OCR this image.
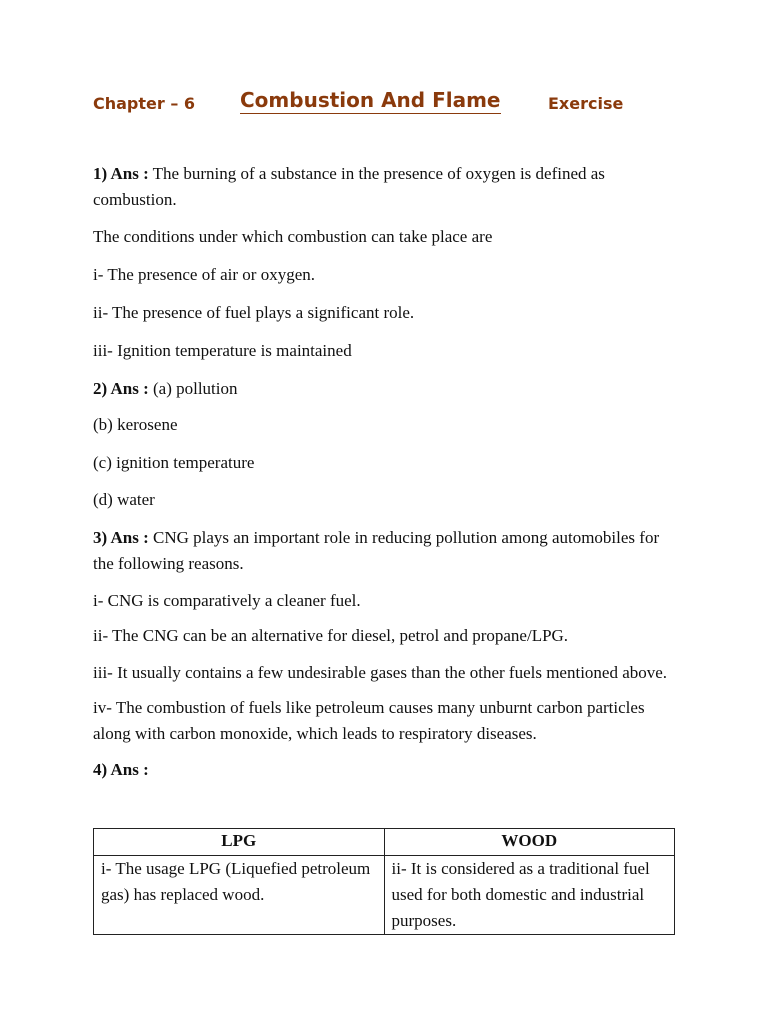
Chapter – 6 Combustion And Flame	Exercise

1) Ans : The burning of a substance in the presence of oxygen is defined as combustion.

The conditions under which combustion can take place are

i- The presence of air or oxygen.

ii- The presence of fuel plays a significant role.

iii- Ignition temperature is maintained

2) Ans : (a) pollution

(b) kerosene

(c) ignition temperature

(d) water

3) Ans : CNG plays an important role in reducing pollution among automobiles for the following reasons.

i- CNG is comparatively a cleaner fuel.

ii- The CNG can be an alternative for diesel, petrol and propane/LPG.

iii- It usually contains a few undesirable gases than the other fuels mentioned above.

iv- The combustion of fuels like petroleum causes many unburnt carbon particles along with carbon monoxide, which leads to respiratory diseases.

4) Ans :

LPG	WOOD
i- The usage LPG (Liquefied petroleum gas) has replaced wood.	ii- It is considered as a traditional fuel used for both domestic and industrial purposes.
